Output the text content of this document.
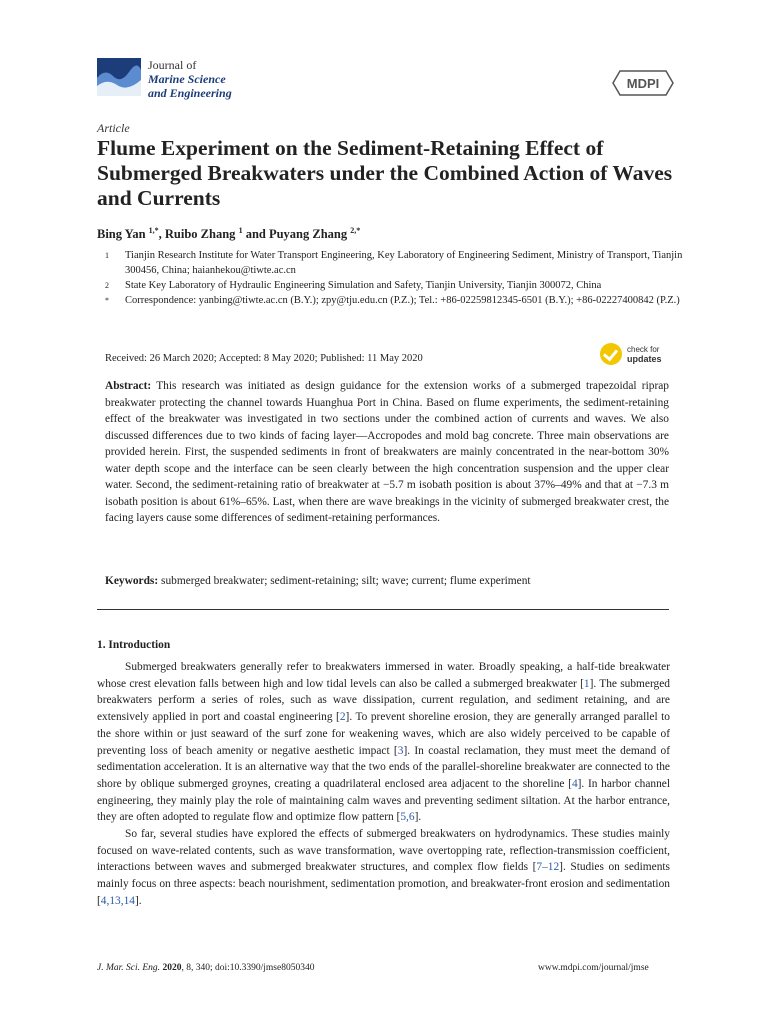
Journal of
Marine Science
and Engineering
MDPI
Article
Flume Experiment on the Sediment-Retaining Effect of Submerged Breakwaters under the Combined Action of Waves and Currents
Bing Yan $^{1,*}$, Ruibo Zhang $^1$ and Puyang Zhang $^{2,*}$
1	Tianjin Research Institute for Water Transport Engineering, Key Laboratory of Engineering Sediment, Ministry of Transport, Tianjin 300456, China; haianhekou@tiwte.ac.cn
2	State Key Laboratory of Hydraulic Engineering Simulation and Safety, Tianjin University, Tianjin 300072, China
*	Correspondence: yanbing@tiwte.ac.cn (B.Y.); zpy@tju.edu.cn (P.Z.); Tel.: +86-02259812345-6501 (B.Y.); +86-02227400842 (P.Z.)
Received: 26 March 2020; Accepted: 8 May 2020; Published: 11 May 2020
check for
updates
Abstract: This research was initiated as design guidance for the extension works of a submerged trapezoidal riprap breakwater protecting the channel towards Huanghua Port in China. Based on flume experiments, the sediment-retaining effect of the breakwater was investigated in two sections under the combined action of currents and waves. We also discussed differences due to two kinds of facing layer—Accropodes and mold bag concrete. Three main observations are provided herein. First, the suspended sediments in front of breakwaters are mainly concentrated in the near-bottom 30% water depth scope and the interface can be seen clearly between the high concentration suspension and the upper clear water. Second, the sediment-retaining ratio of breakwater at −5.7 m isobath position is about 37%–49% and that at −7.3 m isobath position is about 61%–65%. Last, when there are wave breakings in the vicinity of submerged breakwater crest, the facing layers cause some differences of sediment-retaining performances.
Keywords: submerged breakwater; sediment-retaining; silt; wave; current; flume experiment
1. Introduction

Submerged breakwaters generally refer to breakwaters immersed in water. Broadly speaking, a half-tide breakwater whose crest elevation falls between high and low tidal levels can also be called a submerged breakwater [1]. The submerged breakwaters perform a series of roles, such as wave dissipation, current regulation, and sediment retaining, and are extensively applied in port and coastal engineering [2]. To prevent shoreline erosion, they are generally arranged parallel to the shore within or just seaward of the surf zone for weakening waves, which are also widely perceived to be capable of preventing loss of beach amenity or negative aesthetic impact [3]. In coastal reclamation, they must meet the demand of sedimentation acceleration. It is an alternative way that the two ends of the parallel-shoreline breakwater are connected to the shore by oblique submerged groynes, creating a quadrilateral enclosed area adjacent to the shoreline [4]. In harbor channel engineering, they mainly play the role of maintaining calm waves and preventing sediment siltation. At the harbor entrance, they are often adopted to regulate flow and optimize flow pattern [5,6].

So far, several studies have explored the effects of submerged breakwaters on hydrodynamics. These studies mainly focused on wave-related contents, such as wave transformation, wave overtopping rate, reflection-transmission coefficient, interactions between waves and submerged breakwater structures, and complex flow fields [7–12]. Studies on sediments mainly focus on three aspects: beach nourishment, sedimentation promotion, and breakwater-front erosion and sedimentation [4,13,14].

J. Mar. Sci. Eng. 2020, 8, 340; doi:10.3390/jmse8050340	www.mdpi.com/journal/jmse
